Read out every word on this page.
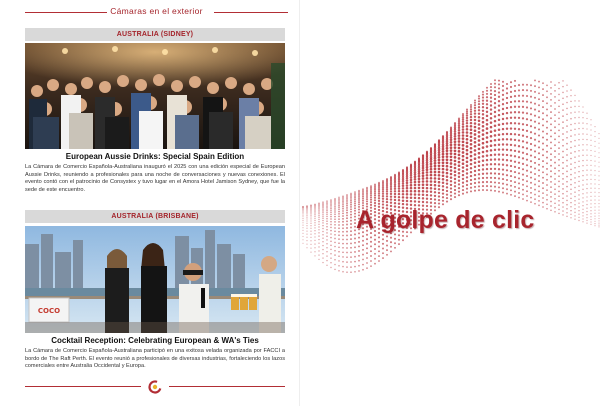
Cámaras en el exterior
AUSTRALIA (SIDNEY)
European Aussie Drinks: Special Spain Edition
La Cámara de Comercio Española-Australiana inauguró el 2025 con una edición especial de European Aussie Drinks, reuniendo a profesionales para una noche de conversaciones y nuevas conexiones. El evento contó con el patrocinio de Consystex y tuvo lugar en el Amora Hotel Jamison Sydney, que fue la sede de este encuentro.
AUSTRALIA (BRISBANE)
COCO
Cocktail Reception: Celebrating European & WA's Ties
La Cámara de Comercio Española-Australiana participó en una exitosa velada organizada por FACCI a bordo de The Raft Perth. El evento reunió a profesionales de diversas industrias, fortaleciendo los lazos comerciales entre Australia Occidental y Europa.
A golpe de clic
